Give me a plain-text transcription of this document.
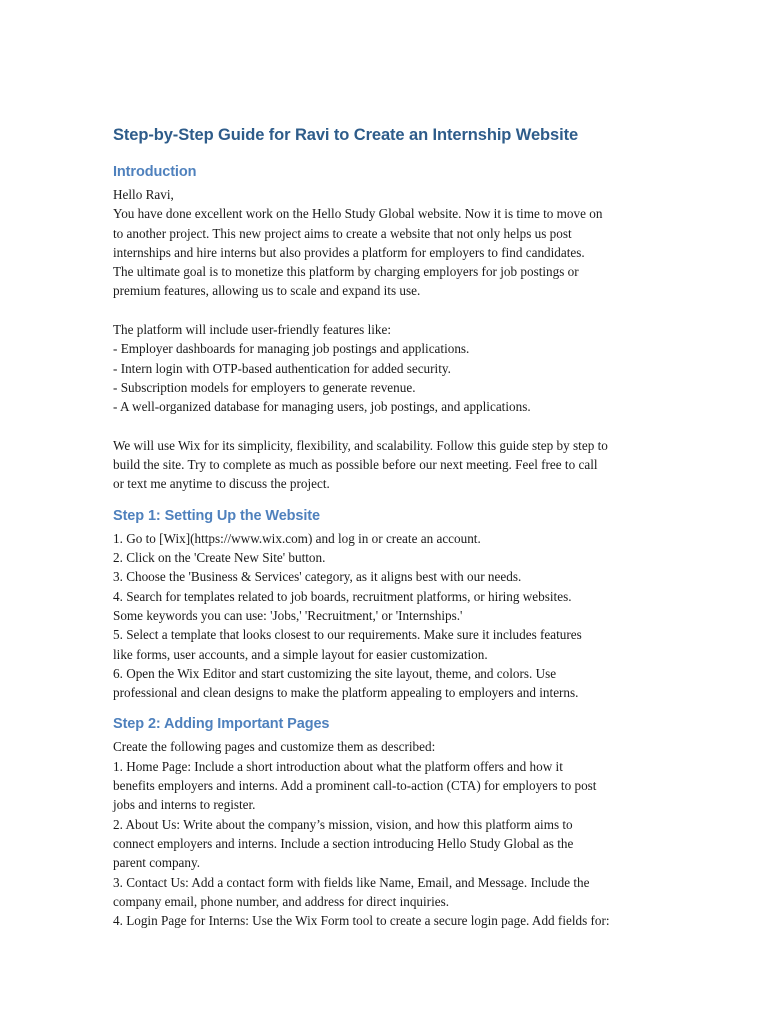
Step-by-Step Guide for Ravi to Create an Internship Website
Introduction
Hello Ravi,
You have done excellent work on the Hello Study Global website. Now it is time to move on
to another project. This new project aims to create a website that not only helps us post
internships and hire interns but also provides a platform for employers to find candidates.
The ultimate goal is to monetize this platform by charging employers for job postings or
premium features, allowing us to scale and expand its use.
The platform will include user-friendly features like:
- Employer dashboards for managing job postings and applications.
- Intern login with OTP-based authentication for added security.
- Subscription models for employers to generate revenue.
- A well-organized database for managing users, job postings, and applications.
We will use Wix for its simplicity, flexibility, and scalability. Follow this guide step by step to
build the site. Try to complete as much as possible before our next meeting. Feel free to call
or text me anytime to discuss the project.
Step 1: Setting Up the Website
1. Go to [Wix](https://www.wix.com) and log in or create an account.
2. Click on the 'Create New Site' button.
3. Choose the 'Business & Services' category, as it aligns best with our needs.
4. Search for templates related to job boards, recruitment platforms, or hiring websites.
Some keywords you can use: 'Jobs,' 'Recruitment,' or 'Internships.'
5. Select a template that looks closest to our requirements. Make sure it includes features
like forms, user accounts, and a simple layout for easier customization.
6. Open the Wix Editor and start customizing the site layout, theme, and colors. Use
professional and clean designs to make the platform appealing to employers and interns.
Step 2: Adding Important Pages
Create the following pages and customize them as described:
1. Home Page: Include a short introduction about what the platform offers and how it
benefits employers and interns. Add a prominent call-to-action (CTA) for employers to post
jobs and interns to register.
2. About Us: Write about the company’s mission, vision, and how this platform aims to
connect employers and interns. Include a section introducing Hello Study Global as the
parent company.
3. Contact Us: Add a contact form with fields like Name, Email, and Message. Include the
company email, phone number, and address for direct inquiries.
4. Login Page for Interns: Use the Wix Form tool to create a secure login page. Add fields for:
